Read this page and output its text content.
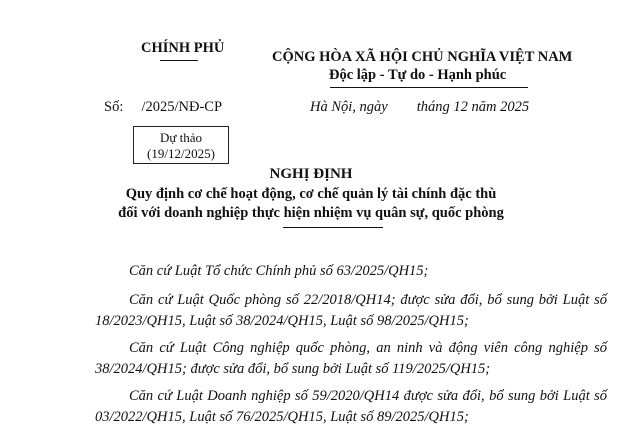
CHÍNH PHỦ
CỘNG HÒA XÃ HỘI CHỦ NGHĨA VIỆT NAM
Độc lập - Tự do - Hạnh phúc
Số:     /2025/NĐ-CP	Hà Nội, ngày        tháng 12 năm 2025
Dự thảo
(19/12/2025)
NGHỊ ĐỊNH
Quy định cơ chế hoạt động, cơ chế quản lý tài chính đặc thù
đối với doanh nghiệp thực hiện nhiệm vụ quân sự, quốc phòng
Căn cứ Luật Tổ chức Chính phủ số 63/2025/QH15;
Căn cứ Luật Quốc phòng số 22/2018/QH14; được sửa đổi, bổ sung bởi Luật số 18/2023/QH15, Luật số 38/2024/QH15, Luật số 98/2025/QH15;
Căn cứ Luật Công nghiệp quốc phòng, an ninh và động viên công nghiệp số 38/2024/QH15; được sửa đổi, bổ sung bởi Luật số 119/2025/QH15;
Căn cứ Luật Doanh nghiệp số 59/2020/QH14 được sửa đổi, bổ sung bởi Luật số 03/2022/QH15, Luật số 76/2025/QH15, Luật số 89/2025/QH15;
